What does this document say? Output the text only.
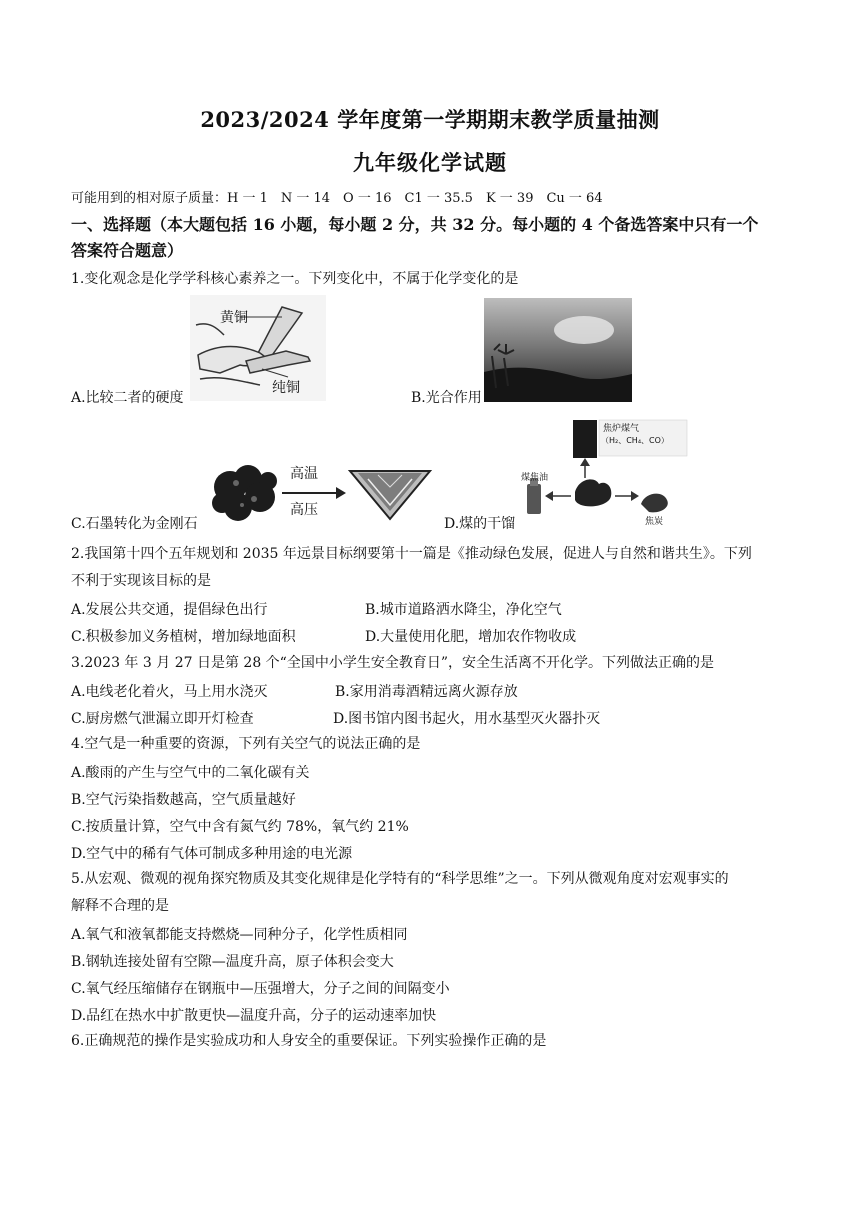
2023/2024 学年度第一学期期末教学质量抽测
九年级化学试题
可能用到的相对原子质量：H 一 1　N 一 14　O 一 16　C1 一 35.5　K 一 39　Cu 一 64
一、选择题（本大题包括 16 小题，每小题 2 分，共 32 分。每小题的 4 个备选答案中只有一个
答案符合题意）
1.变化观念是化学学科核心素养之一。下列变化中，不属于化学变化的是
黄铜
纯铜
A.比较二者的硬度	B.光合作用
高温
高压
C.石墨转化为金刚石
焦炉煤气
（H₂、CH₄、CO）
煤焦油
焦炭
D.煤的干馏
2.我国第十四个五年规划和 2035 年远景目标纲要第十一篇是《推动绿色发展，促进人与自然和谐共生》。下列
不利于实现该目标的是
A.发展公共交通，提倡绿色出行	B.城市道路洒水降尘，净化空气
C.积极参加义务植树，增加绿地面积	D.大量使用化肥，增加农作物收成
3.2023 年 3 月 27 日是第 28 个“全国中小学生安全教育日”，安全生活离不开化学。下列做法正确的是
A.电线老化着火，马上用水浇灭	B.家用消毒酒精远离火源存放
C.厨房燃气泄漏立即开灯检查	D.图书馆内图书起火，用水基型灭火器扑灭
4.空气是一种重要的资源，下列有关空气的说法正确的是
A.酸雨的产生与空气中的二氧化碳有关
B.空气污染指数越高，空气质量越好
C.按质量计算，空气中含有氮气约 78%，氧气约 21%
D.空气中的稀有气体可制成多种用途的电光源
5.从宏观、微观的视角探究物质及其变化规律是化学特有的“科学思维”之一。下列从微观角度对宏观事实的
解释不合理的是
A.氧气和液氧都能支持燃烧—同种分子，化学性质相同
B.钢轨连接处留有空隙—温度升高，原子体积会变大
C.氧气经压缩储存在钢瓶中—压强增大，分子之间的间隔变小
D.品红在热水中扩散更快—温度升高，分子的运动速率加快
6.正确规范的操作是实验成功和人身安全的重要保证。下列实验操作正确的是
